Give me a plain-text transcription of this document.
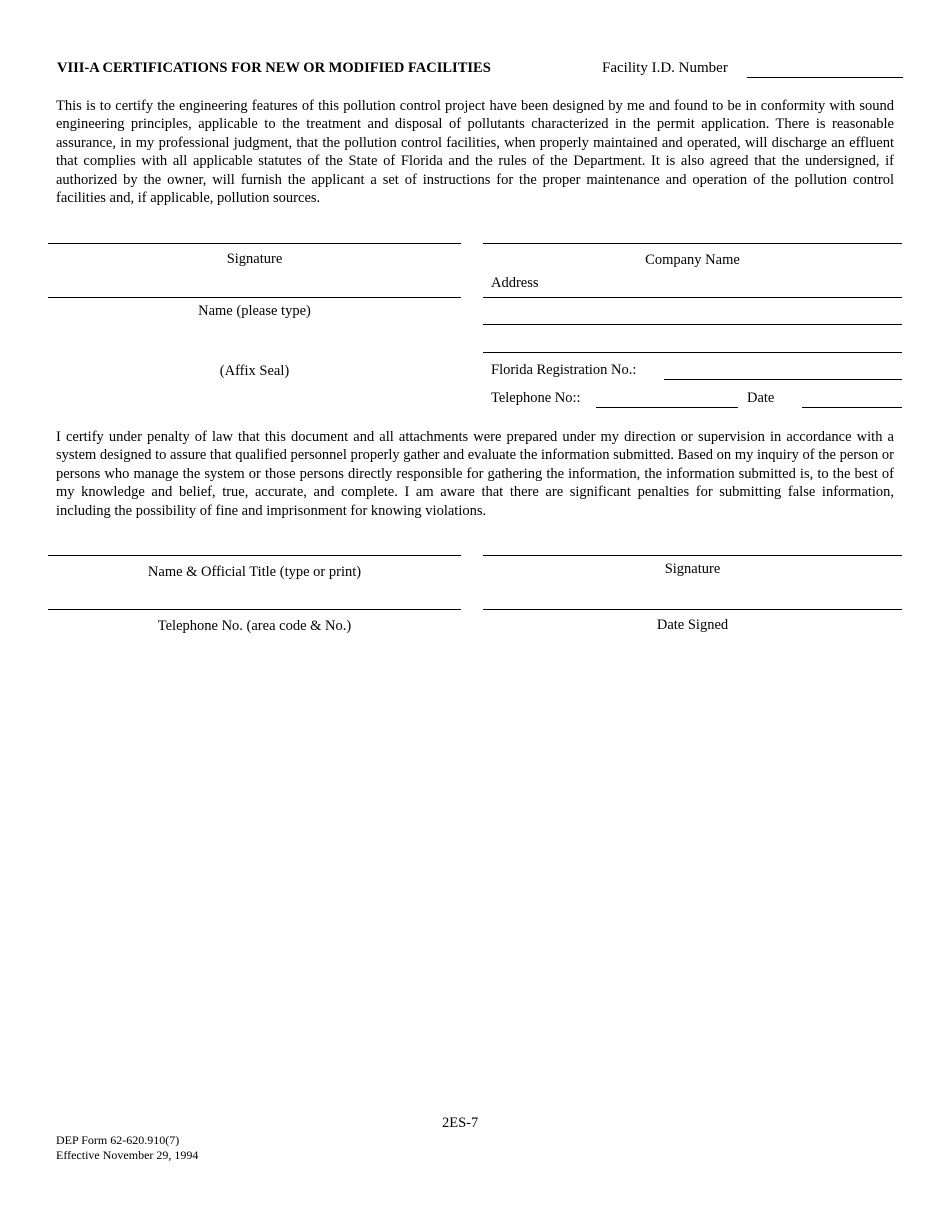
VIII-A CERTIFICATIONS FOR NEW OR MODIFIED FACILITIES	Facility I.D. Number
This is to certify the engineering features of this pollution control project have been designed by me and found to be in conformity with sound engineering principles, applicable to the treatment and disposal of pollutants characterized in the permit application. There is reasonable assurance, in my professional judgment, that the pollution control facilities, when properly maintained and operated, will discharge an effluent that complies with all applicable statutes of the State of Florida and the rules of the Department. It is also agreed that the undersigned, if authorized by the owner, will furnish the applicant a set of instructions for the proper maintenance and operation of the pollution control facilities and, if applicable, pollution sources.
Signature
Name (please type)
(Affix Seal)
Company Name
Address
Florida Registration No.:
Telephone No::	Date
I certify under penalty of law that this document and all attachments were prepared under my direction or supervision in accordance with a system designed to assure that qualified personnel properly gather and evaluate the information submitted. Based on my inquiry of the person or persons who manage the system or those persons directly responsible for gathering the information, the information submitted is, to the best of my knowledge and belief, true, accurate, and complete. I am aware that there are significant penalties for submitting false information, including the possibility of fine and imprisonment for knowing violations.
Name & Official Title (type or print)	Signature
Telephone No. (area code & No.)	Date Signed
2ES-7
DEP Form 62-620.910(7)
Effective November 29, 1994
